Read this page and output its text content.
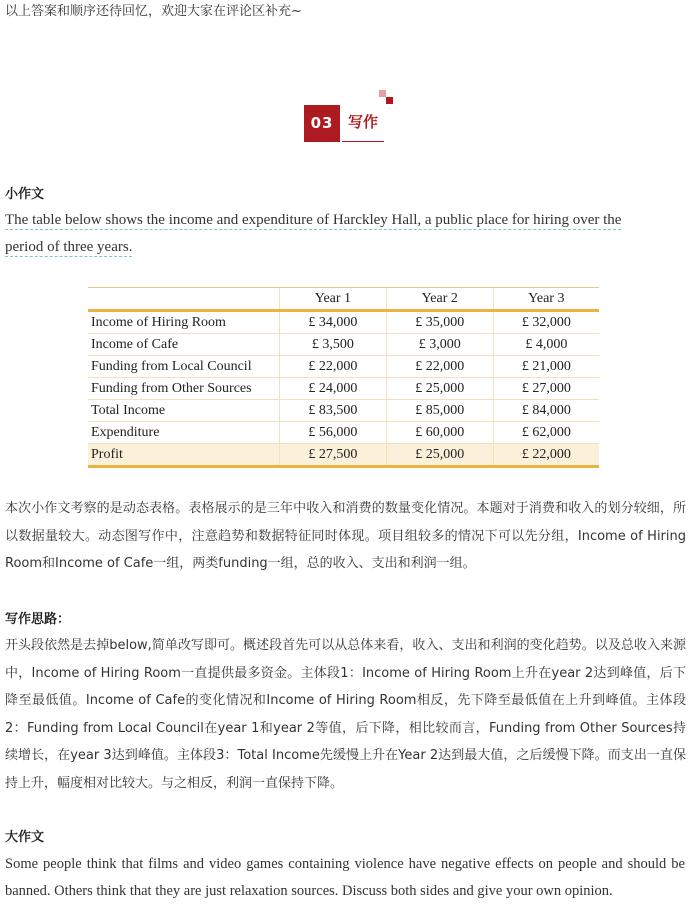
以上答案和顺序还待回忆，欢迎大家在评论区补充~
03 写作
小作文
The table below shows the income and expenditure of Harckley Hall, a public place for hiring over the
period of three years.
	Year 1	Year 2	Year 3
Income of Hiring Room	£ 34,000	£ 35,000	£ 32,000
Income of Cafe	£ 3,500	£ 3,000	£ 4,000
Funding from Local Council	£ 22,000	£ 22,000	£ 21,000
Funding from Other Sources	£ 24,000	£ 25,000	£ 27,000
Total Income	£ 83,500	£ 85,000	£ 84,000
Expenditure	£ 56,000	£ 60,000	£ 62,000
Profit	£ 27,500	£ 25,000	£ 22,000
本次小作文考察的是动态表格。表格展示的是三年中收入和消费的数量变化情况。本题对于消费和收入的划分较细，所以数据量较大。动态图写作中，注意趋势和数据特征同时体现。项目组较多的情况下可以先分组，Income of Hiring Room和Income of Cafe一组，两类funding一组，总的收入、支出和利润一组。
写作思路：
开头段依然是去掉below,简单改写即可。概述段首先可以从总体来看，收入、支出和利润的变化趋势。以及总收入来源中，Income of Hiring Room一直提供最多资金。主体段1：Income of Hiring Room上升在year 2达到峰值，后下降至最低值。Income of Cafe的变化情况和Income of Hiring Room相反，先下降至最低值在上升到峰值。主体段2：Funding from Local Council在year 1和year 2等值，后下降，相比较而言，Funding from Other Sources持续增长，在year 3达到峰值。主体段3：Total Income先缓慢上升在Year 2达到最大值，之后缓慢下降。而支出一直保持上升，幅度相对比较大。与之相反，利润一直保持下降。
大作文
Some people think that films and video games containing violence have negative effects on people and should be banned. Others think that they are just relaxation sources. Discuss both sides and give your own opinion.
